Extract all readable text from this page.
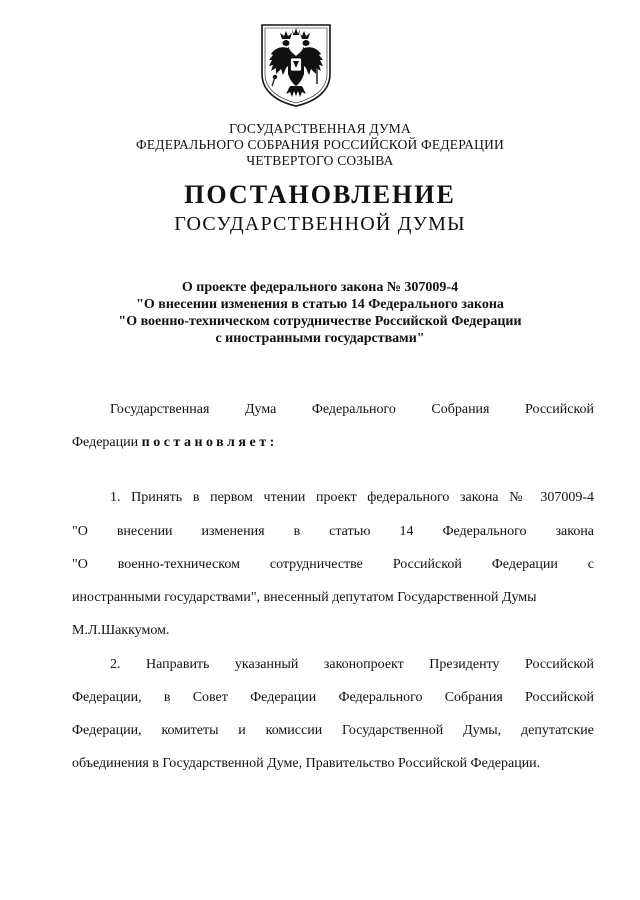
ГОСУДАРСТВЕННАЯ ДУМА
ФЕДЕРАЛЬНОГО СОБРАНИЯ РОССИЙСКОЙ ФЕДЕРАЦИИ
ЧЕТВЕРТОГО СОЗЫВА
ПОСТАНОВЛЕНИЕ
ГОСУДАРСТВЕННОЙ ДУМЫ
О проекте федерального закона № 307009-4
"О внесении изменения в статью 14 Федерального закона
"О военно-техническом сотрудничестве Российской Федерации
с иностранными государствами"
Государственная	Дума	Федерального	Собрания	Российской
Федерации постановляет:
1. Принять в первом чтении проект федерального закона № 307009-4
"О внесении изменения в статью 14 Федерального закона
"О военно-техническом сотрудничестве Российской Федерации с
иностранными государствами", внесенный депутатом Государственной Думы
М.Л.Шаккумом.
2. Направить указанный законопроект Президенту Российской
Федерации, в Совет Федерации Федерального Собрания Российской
Федерации, комитеты и комиссии Государственной Думы, депутатские
объединения в Государственной Думе, Правительство Российской Федерации.
